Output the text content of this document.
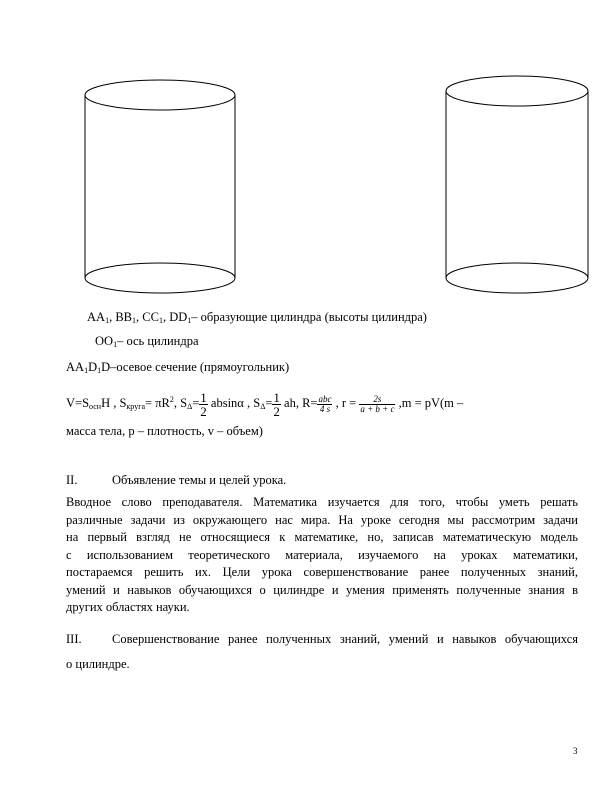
$AA_1$, $BB_1$, $CC_1$, $DD_1-$ образующие цилиндра (высоты цилиндра)
$OO_1-$ ось цилиндра
$AA_1D_1D$–осевое сечение (прямоугольник)
$V=S_{осн}H$ , $S_{круга}= \pi R^2$, $S_\Delta= \frac{1}{2}$ absinα , $S_\Delta= \frac{1}{2}$ ah, $R= \frac{\text{abc}}{4 s}$ , $r = \frac{2s}{a + b + c} ,m = pV(m$ –
масса тела, р – плотность, v – объем)
II.	Объявление темы и целей урока.
Вводное слово преподавателя. Математика изучается для того, чтобы уметь решать
различные задачи из окружающего нас мира. На уроке сегодня мы рассмотрим задачи
на первый взгляд не относящиеся к математике, но, записав математическую модель
с использованием теоретического материала, изучаемого на уроках математики,
постараемся решить их. Цели урока совершенствование ранее полученных знаний,
умений и навыков обучающихся о цилиндре и умения применять полученные знания в
других областях науки.
III. Совершенствование ранее полученных знаний, умений и навыков обучающихся
о цилиндре.
3
